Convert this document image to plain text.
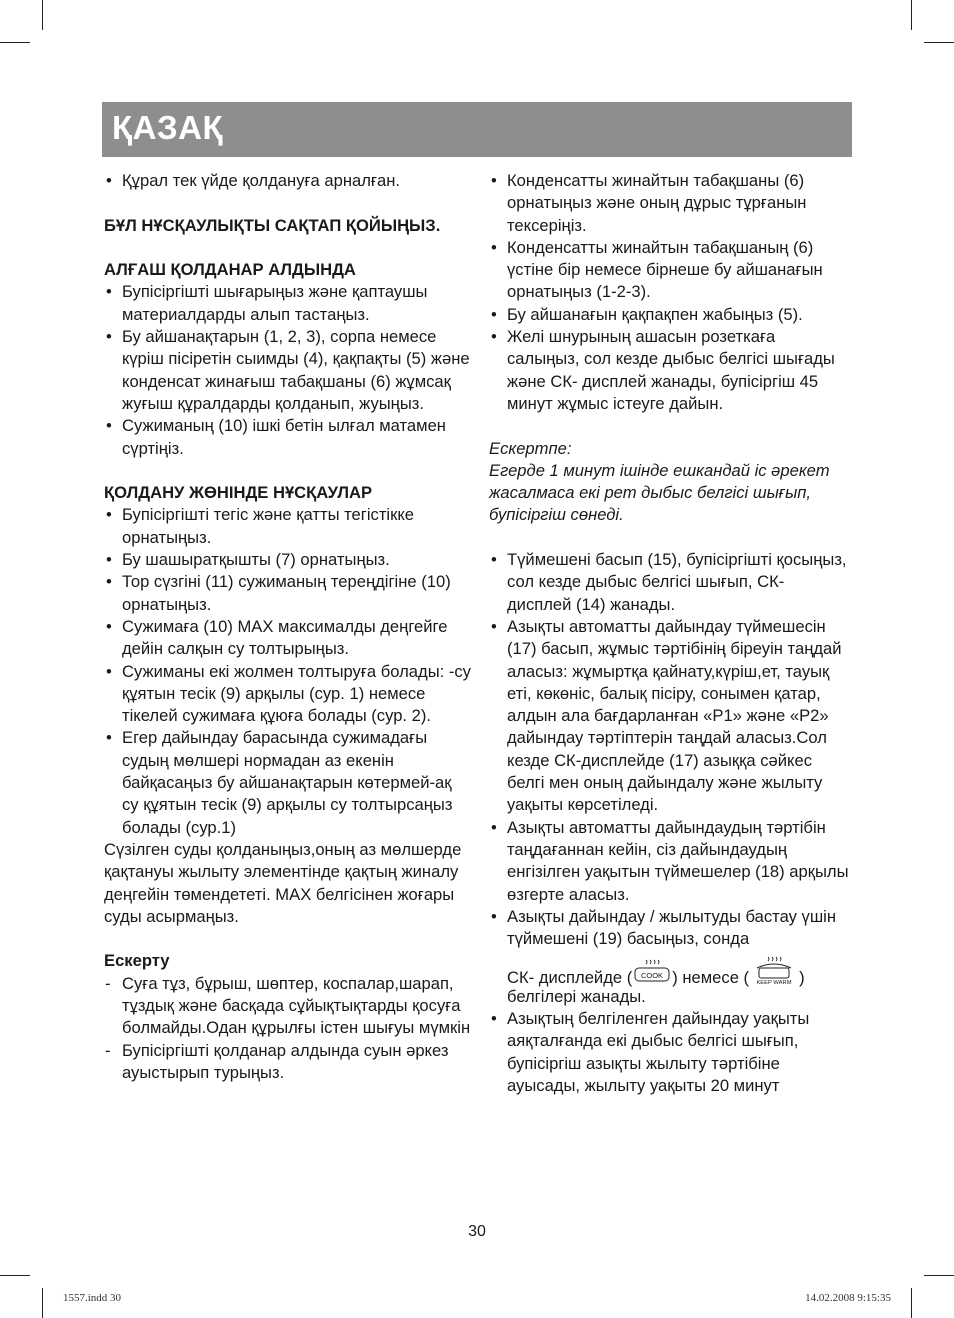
ҚАЗАҚ
• Құрал тек үйде қолдануға арналған.

БҰЛ НҰСҚАУЛЫҚТЫ САҚТАП ҚОЙЫҢЫЗ.

АЛҒАШ ҚОЛДАНАР АЛДЫНДА

• Бупісіргішті шығарыңыз және қаптаушы материалдарды алып тастаңыз.
• Бу айшанақтарын (1, 2, 3), сорпа немесе күріш пісіретін сыимды (4), қақпақты (5) және конденсат жинағыш табақшаны (6) жұмсақ жуғыш құралдарды қолданып, жуыңыз.
• Сужиманың (10) ішкі бетін ылғал матамен сүртіңіз.

ҚОЛДАНУ ЖӨНІНДЕ НҰСҚАУЛАР

• Бупісіргішті тегіс және қатты тегістікке орнатыңыз.
• Бу шашыратқышты (7) орнатыңыз.
• Тор сүзгіні (11) сужиманың тереңдігіне (10) орнатыңыз.
• Сужимаға (10) MAX максималды деңгейге дейін салқын су толтырыңыз.
• Сужиманы екі жолмен толтыруға болады: -су құятын тесік (9) арқылы (сур. 1) немесе тікелей сужимаға құюға болады (сур. 2).
• Егер дайындау барасында сужимадағы судың мөлшері нормадан аз екенін байқасаңыз бу айшанақтарын көтермей-ақ су құятын тесік (9) арқылы су толтырсаңыз болады (сур.1)

Сүзілген суды қолданыңыз,оның аз мөлшерде қақтануы жылыту элементінде қақтың жиналу деңгейін төмендететі. MAX белгісінен жоғары суды асырмаңыз.

Ескерту

- Суға тұз, бұрыш, шөптер, коспалар,шарап, тұздық және басқада сұйықтықтарды қосуға болмайды.Одан құрылғы істен шығуы мүмкін
- Бупісіргішті қолданар алдында суын әркез ауыстырып турыңыз.
• Конденсатты жинайтын табақшаны (6) орнатыңыз және оның дұрыс тұрғанын тексеріңіз.
• Конденсатты жинайтын табақшаның (6) үстіне бір немесе бірнеше бу айшанағын орнатыңыз (1-2-3).
• Бу айшанағын қақпақпен жабыңыз (5).
• Желі шнурының ашасын розеткаға салыңыз, сол кезде дыбыс белгісі шығады және СК- дисплей жанады, бупісіргіш 45 минут жұмыс істеуге дайын.

Ескертпе:

Егерде 1 минут ішінде ешкандай іс әрекет жасалмаса екі рет дыбыс белгісі шығып, бупісіргіш сөнеді.

• Түймешені басып (15), бупісіргішті қосыңыз, сол кезде дыбыс белгісі шығып, СК- дисплей (14) жанады.
• Азықты автоматты дайындау түймешесін (17) басып, жұмыс тәртібінің біреуін таңдай аласыз: жұмыртқа қайнату,күріш,ет, тауық еті, көкөніс, балық пісіру, сонымен қатар, алдын ала бағдарланған «Р1» және «Р2» дайындау тәртіптерін таңдай аласыз.Сол кезде СК-дисплейде (17) азыққа сәйкес белгі мен оның дайындалу және жылыту уақыты көрсетіледі.
• Азықты автоматты дайындаудың тәртібін таңдағаннан кейін, сіз дайындаудың енгізілген уақытын түймешелер (18) арқылы өзгерте аласыз.
• Азықты дайындау / жылытуды бастау үшін түймешені (19) басыңыз, сонда
СК- дисплейде ( COOK ) немесе ( KEEP WARM )
белгілері жанады.
• Азықтың белгіленген дайындау уақыты аяқталғанда екі дыбыс белгісі шығып, бупісіргіш азықты жылыту тәртібіне ауысады, жылыту уақыты 20 минут
30
1557.indd 30	14.02.2008 9:15:35
